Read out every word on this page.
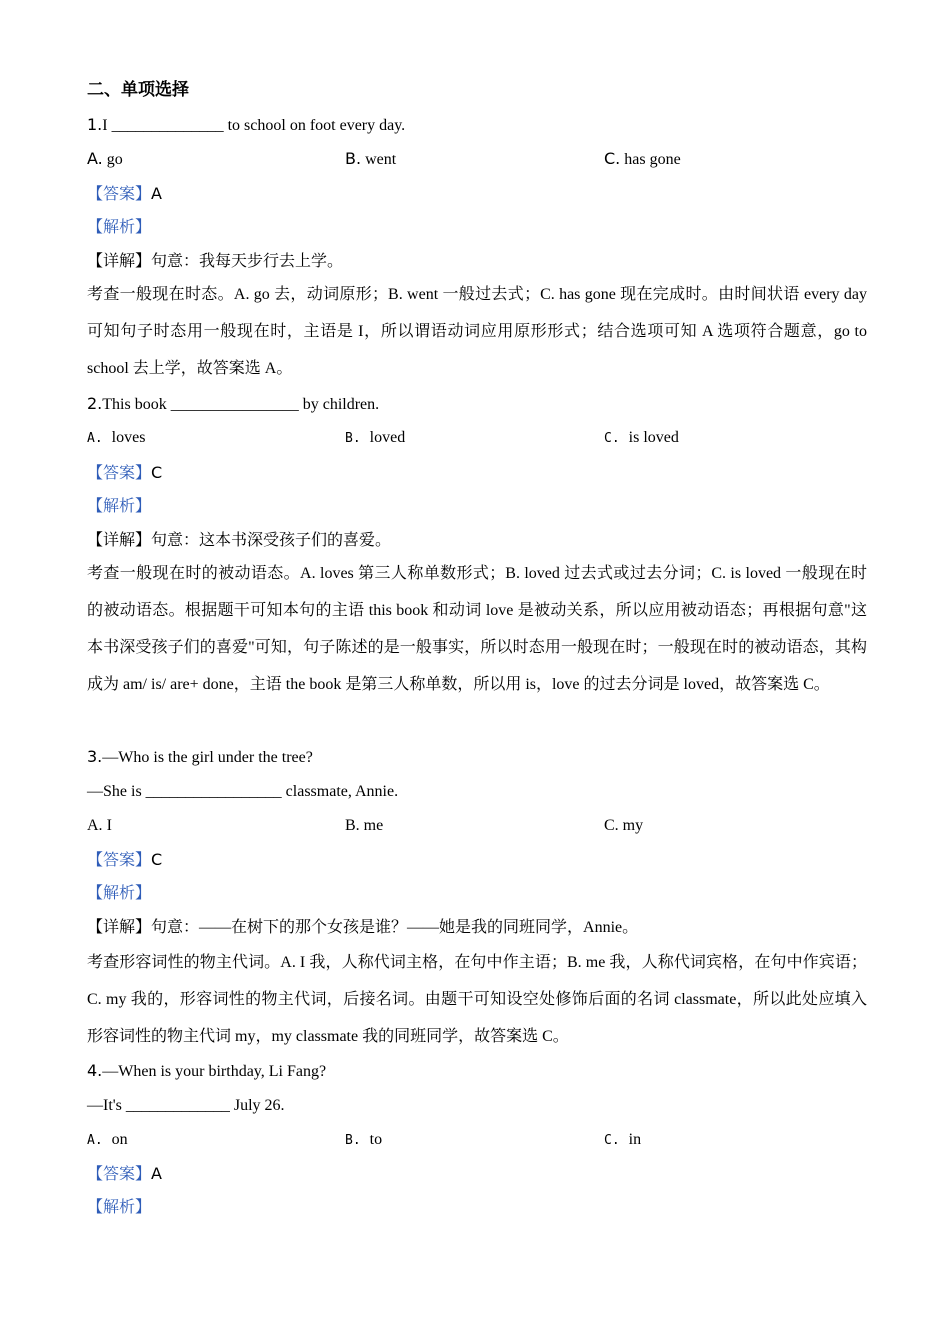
二、单项选择
1.I ______________ to school on foot every day.
A. go	B. went	C. has gone
【答案】A
【解析】
【详解】句意：我每天步行去上学。
考查一般现在时态。A. go 去，动词原形；B. went 一般过去式；C. has gone 现在完成时。由时间状语 every day 可知句子时态用一般现在时，主语是 I，所以谓语动词应用原形形式；结合选项可知 A 选项符合题意，go to school 去上学，故答案选 A。
2.This book ________________ by children.
A. loves	B. loved	C. is loved
【答案】C
【解析】
【详解】句意：这本书深受孩子们的喜爱。
考查一般现在时的被动语态。A. loves 第三人称单数形式；B. loved 过去式或过去分词；C. is loved 一般现在时的被动语态。根据题干可知本句的主语 this book 和动词 love 是被动关系，所以应用被动语态；再根据句意"这本书深受孩子们的喜爱"可知，句子陈述的是一般事实，所以时态用一般现在时；一般现在时的被动语态，其构成为 am/ is/ are+ done，主语 the book 是第三人称单数，所以用 is，love 的过去分词是 loved，故答案选 C。
3.—Who is the girl under the tree?
—She is _________________ classmate, Annie.
A. I	B. me	C. my
【答案】C
【解析】
【详解】句意：——在树下的那个女孩是谁？——她是我的同班同学，Annie。
考查形容词性的物主代词。A. I 我，人称代词主格，在句中作主语；B. me 我，人称代词宾格，在句中作宾语；C. my 我的，形容词性的物主代词，后接名词。由题干可知设空处修饰后面的名词 classmate，所以此处应填入形容词性的物主代词 my，my classmate 我的同班同学，故答案选 C。
4.—When is your birthday, Li Fang?
—It's _____________ July 26.
A. on	B. to	C. in
【答案】A
【解析】
